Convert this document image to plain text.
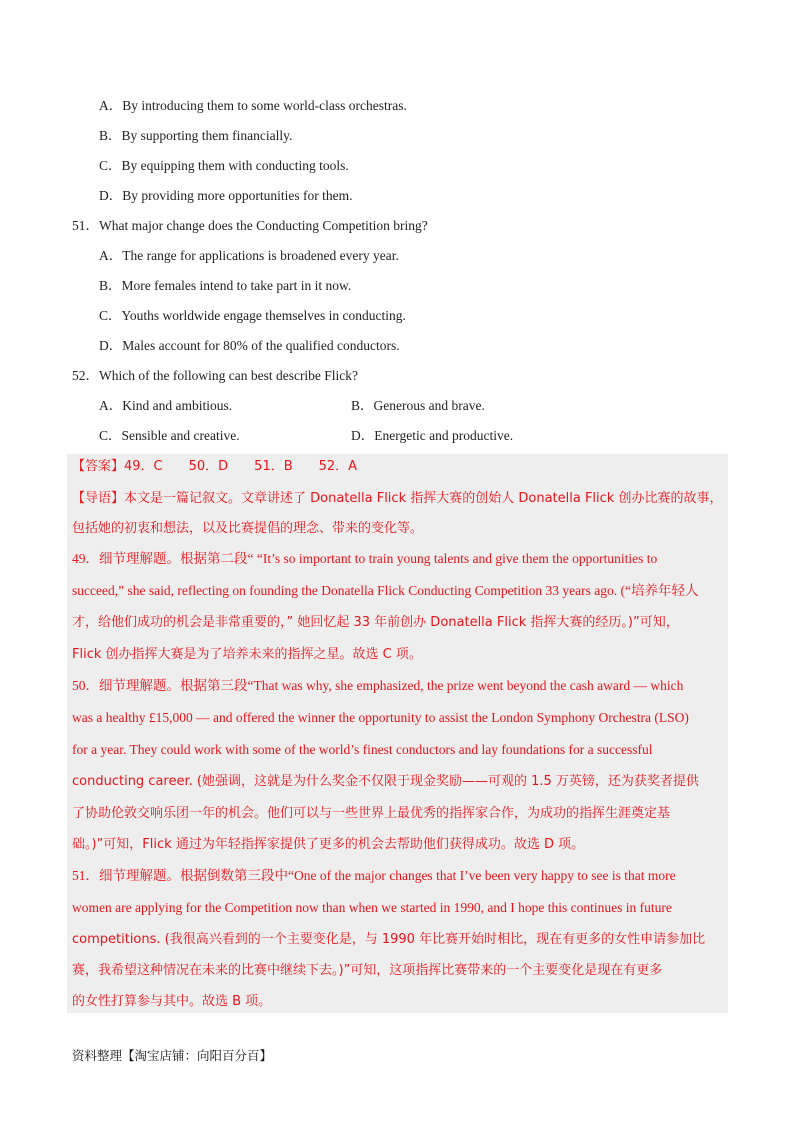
A．By introducing them to some world-class orchestras.
B．By supporting them financially.
C．By equipping them with conducting tools.
D．By providing more opportunities for them.
51．What major change does the Conducting Competition bring?
A．The range for applications is broadened every year.
B．More females intend to take part in it now.
C．Youths worldwide engage themselves in conducting.
D．Males account for 80% of the qualified conductors.
52．Which of the following can best describe Flick?
A．Kind and ambitious.	B．Generous and brave.
C．Sensible and creative.	D．Energetic and productive.
【答案】49．C　　50．D　　51．B　　52．A
【导语】本文是一篇记叙文。文章讲述了 Donatella Flick 指挥大赛的创始人 Donatella Flick 创办比赛的故事，
包括她的初衷和想法，以及比赛提倡的理念、带来的变化等。
49．细节理解题。根据第二段“ “It’s so important to train young talents and give them the opportunities to
succeed,” she said, reflecting on founding the Donatella Flick Conducting Competition 33 years ago. (“培养年轻人
才，给他们成功的机会是非常重要的，” 她回忆起 33 年前创办 Donatella Flick 指挥大赛的经历。)”可知，
Flick 创办指挥大赛是为了培养未来的指挥之星。故选 C 项。
50．细节理解题。根据第三段“That was why, she emphasized, the prize went beyond the cash award — which
was a healthy £15,000 — and offered the winner the opportunity to assist the London Symphony Orchestra (LSO)
for a year. They could work with some of the world’s finest conductors and lay foundations for a successful
conducting career. (她强调，这就是为什么奖金不仅限于现金奖励——可观的 1.5 万英镑，还为获奖者提供
了协助伦敦交响乐团一年的机会。他们可以与一些世界上最优秀的指挥家合作，为成功的指挥生涯奠定基
础。)”可知，Flick 通过为年轻指挥家提供了更多的机会去帮助他们获得成功。故选 D 项。
51．细节理解题。根据倒数第三段中“One of the major changes that I’ve been very happy to see is that more
women are applying for the Competition now than when we started in 1990, and I hope this continues in future
competitions. (我很高兴看到的一个主要变化是，与 1990 年比赛开始时相比，现在有更多的女性申请参加比
赛，我希望这种情况在未来的比赛中继续下去。)”可知，这项指挥比赛带来的一个主要变化是现在有更多
的女性打算参与其中。故选 B 项。
资料整理【淘宝店铺：向阳百分百】
